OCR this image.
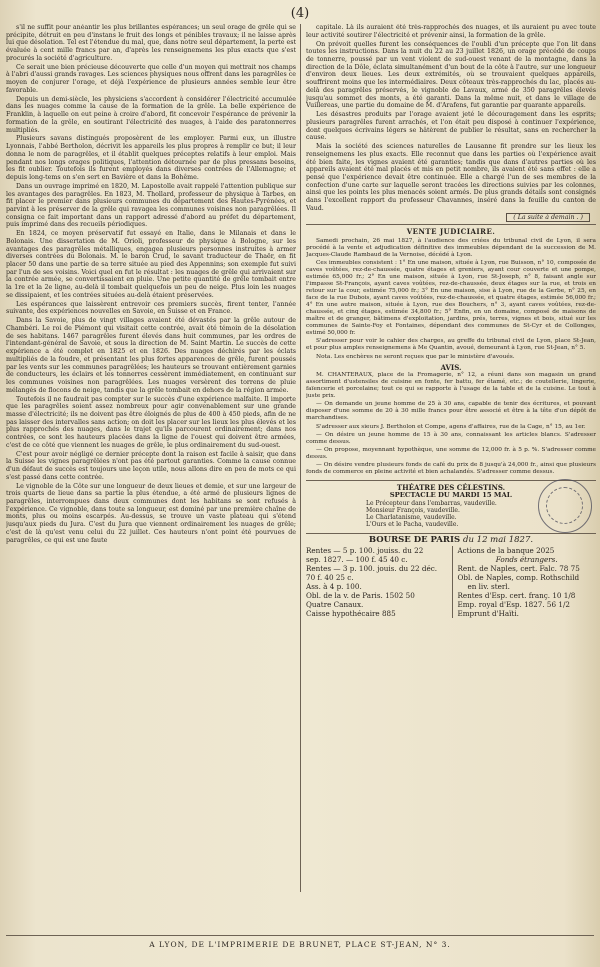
(4)

s'il ne suffit pour anéantir les plus brillantes espérances; un seul orage de grêle qui se précipite, détruit en peu d'instans le fruit des longs et pénibles travaux; il ne laisse après lui que désolation. Tel est l'étendue du mal, que, dans notre seul département, la perte est évaluée à cent mille francs par an, d'après les renseignemens les plus exacts que s'est procurés la société d'agriculture.

Ce serait une bien précieuse découverte que celle d'un moyen qui mettrait nos champs à l'abri d'aussi grands ravages. Les sciences physiques nous offrent dans les paragrêles ce moyen de conjurer l'orage, et déjà l'expérience de plusieurs années semble leur être favorable.

Depuis un demi-siècle, les physiciens s'accordent à considérer l'électricité accumulée dans les nuages comme la cause de la formation de la grêle. La belle expérience de Franklin, à laquelle on eut peine à croire d'abord, fit concevoir l'espérance de prévenir la formation de la grêle, en soutirant l'électricité des nuages, à l'aide des paratonnerres multipliés.

Plusieurs savans distingués proposèrent de les employer. Parmi eux, un illustre Lyonnais, l'abbé Bertholon, décrivit les appareils les plus propres à remplir ce but; il leur donna le nom de paragrêles, et il établit quelques préceptes relatifs à leur emploi. Mais pendant nos longs orages politiques, l'attention détournée par de plus pressans besoins, les fit oublier. Toutefois ils furent employés dans diverses contrées de l'Allemagne; et depuis long-tems on s'en sert en Bavière et dans la Bohême.

Dans un ouvrage imprimé en 1820, M. Lapostolle avait rappelé l'attention publique sur les avantages des paragrêles. En 1823, M. Thollard, professeur de physique à Tarbes, en fit placer le premier dans plusieurs communes du département des Hautes-Pyrénées, et parvint à les préserver de la grêle qui ravagea les communes voisines non paragrêlées. Il consigna ce fait important dans un rapport adressé d'abord au préfet du département, puis imprimé dans des recueils périodiques.

En 1824, ce moyen préservatif fut essayé en Italie, dans le Milanais et dans le Bolonais. Une dissertation de M. Orioli, professeur de physique à Bologne, sur les avantages des paragrêles métalliques, engagea plusieurs personnes instruites à armer diverses contrées du Bolonais. M. le baron Crud, le savant traducteur de Thaër, en fit placer 50 dans une partie de sa terre située au pied des Appennins; son exemple fut suivi par l'un de ses voisins. Voici quel en fut le résultat : les nuages de grêle qui arrivaient sur la contrée armée, se convertissaient en pluie. Une petite quantité de grêle tombait entre la 1re et la 2e ligne, au-delà il tombait quelquefois un peu de neige. Plus loin les nuages se dissipaient, et les contrées situées au-delà étaient préservées.

Les espérances que laissèrent entrevoir ces premiers succès, firent tenter, l'année suivante, des expériences nouvelles en Savoie, en Suisse et en France.

Dans la Savoie, plus de vingt villages avaient été dévastés par la grêle autour de Chambéri. Le roi de Piémont qui visitait cette contrée, avait été témoin de la désolation de ses habitans. 1467 paragrêles furent élevés dans huit communes, par les ordres de l'intendant-général de Savoie, et sous la direction de M. Saint Martin. Le succès de cette expérience a été complet en 1825 et en 1826. Des nuages déchirés par les éclats multipliés de la foudre, et présentant les plus fortes apparences de grêle, furent poussés par les vents sur les communes paragrêlées; les hauteurs se trouvant entièrement garnies de conducteurs, les éclairs et les tonnerres cessèrent immédiatement, en continuant sur les communes voisines non paragrêlées. Les nuages versèrent des torrens de pluie mélangés de flocons de neige, tandis que la grêle tombait en dehors de la région armée.

Toutefois il ne faudrait pas compter sur le succès d'une expérience malfaite. Il importe que les paragrêles soient assez nombreux pour agir convenablement sur une grande masse d'électricité; ils ne doivent pas être éloignés de plus de 400 à 450 pieds, afin de ne pas laisser des intervalles sans action; on doit les placer sur les lieux les plus élevés et les plus rapprochés des nuages, dans le trajet qu'ils parcourent ordinairement; dans nos contrées, ce sont les hauteurs placées dans la ligne de l'ouest qui doivent être armées, c'est de ce côté que viennent les nuages de grêle, le plus ordinairement du sud-ouest.

C'est pour avoir négligé ce dernier précepte dont la raison est facile à saisir, que dans la Suisse les vignes paragrêlées n'ont pas été partout garanties. Comme la cause connue d'un défaut de succès est toujours une leçon utile, nous allons dire en peu de mots ce qui s'est passé dans cette contrée.

Le vignoble de la Côte sur une longueur de deux lieues et demie, et sur une largeur de trois quarts de lieue dans sa partie la plus étendue, a été armé de plusieurs lignes de paragrêles, interrompues dans deux communes dont les habitans se sont refusés à l'expérience. Ce vignoble, dans toute sa longueur, est dominé par une première chaîne de monts, plus ou moins escarpés. Au-dessus, se trouve un vaste plateau qui s'étend jusqu'aux pieds du Jura. C'est du Jura que viennent ordinairement les nuages de grêle; c'est de là qu'est venu celui du 22 juillet. Ces hauteurs n'ont point été pourvues de paragrêles, ce qui est une faute

capitale. Là ils auraient été très-rapprochés des nuages, et ils auraient pu avec toute leur activité soutirer l'électricité et prévenir ainsi, la formation de la grêle.

On prévoit quelles furent les conséquences de l'oubli d'un précepte que l'on lit dans toutes les instructions. Dans la nuit du 22 au 23 juillet 1826, un orage précédé de coups de tonnerre, poussé par un vent violent de sud-ouest venant de la montagne, dans la direction de la Dôle, éclata simultanément d'un bout de la côte à l'autre, sur une longueur d'environ deux lieues. Les deux extrémités, où se trouvaient quelques appareils, souffrirent moins que les intermédiaires. Deux côteaux très-rapprochés du lac, placés au-delà des paragrêles préservés, le vignoble de Lavaux, armé de 350 paragrêles élevés jusqu'au sommet des monts, a été garanti. Dans la même nuit, et dans le village de Vuillereas, une partie du domaine de M. d'Arafens, fut garantie par quarante appareils.

Les désastres produits par l'orage avaient jeté le découragement dans les esprits; plusieurs paragrêles furent arrachés, et l'on était peu disposé à continuer l'expérience, dont quelques écrivains légers se hâtèrent de publier le résultat, sans en rechercher la cause.

Mais la société des sciences naturelles de Lausanne fit prendre sur les lieux les renseignemens les plus exacts. Elle reconnut que dans les parties où l'expérience avait été bien faite, les vignes avaient été garanties; tandis que dans d'autres parties où les appareils avaient été mal placés et mis en petit nombre, ils avaient été sans effet : elle a pensé que l'expérience devait être continuée. Elle a chargé l'un de ses membres de la confection d'une carte sur laquelle seront tracées les directions suivies par les colonnes, ainsi que les points les plus menacés soient armés. De plus grands détails sont consignés dans l'excellent rapport du professeur Chavannes, inséré dans la feuille du canton de Vaud.

( La suite à demain . )
VENTE JUDICIAIRE.

Samedi prochain, 26 mai 1827, à l'audience des criées du tribunal civil de Lyon, il sera procédé à la vente et adjudication définitive des immeubles dépendant de la succession de M. Jacques-Claude Rambaud de la Vernoise, décédé à Lyon.

Ces immeubles consistent : 1° En une maison, située à Lyon, rue Buisson, n° 10, composée de caves voûtées, rez-de-chaussée, quatre étages et greniers, ayant cour couverte et une pompe, estimée 65,000 fr.; 2° En une maison, située à Lyon, rue St-Joseph, n° 8, faisant angle sur l'impasse St-François, ayant caves voûtées, rez-de-chaussée, deux étages sur la rue, et trois en retour sur la cour, estimée 75,000 fr.; 3° En une maison, sise à Lyon, rue de la Gerbe, n° 25, en face de la rue Dubois, ayant caves voûtées, rez-de-chaussée, et quatre étages, estimée 56,000 fr.; 4° En une autre maison, située à Lyon, rue des Bouchers, n° 3, ayant caves voûtées, rez-de-chaussée, et cinq étages, estimée 34,800 fr.; 5° Enfin, en un domaine, composé de maisons de maître et de granger, bâtimens d'exploitation, jardins, prés, terres, vignes et bois, situé sur les communes de Sainte-Foy et Fontaines, dépendant des communes de St-Cyr et de Collonges, estimé 50,000 fr.

S'adresser pour voir le cahier des charges, au greffe du tribunal civil de Lyon, place St-Jean, et pour plus amples renseignemens à Me Quantin, avoué, demeurant à Lyon, rue St-Jean, n° 5.

Nota. Les enchères ne seront reçues que par le ministère d'avoués.

AVIS.

M. CHANTERAUX, place de la Fromagerie, n° 12, a réuni dans son magasin un grand assortiment d'ustensiles de cuisine en fonte, fer battu, fer étamé, etc.; de coutellerie, lingerie, faïencerie et porcelaine; tout ce qui se rapporte à l'usage de la table et de la cuisine. Le tout à juste prix.

— On demande un jeune homme de 25 à 30 ans, capable de tenir des écritures, et pouvant disposer d'une somme de 20 à 30 mille francs pour être associé et être à la tête d'un dépôt de marchandises.

S'adresser aux sieurs J. Bertholon et Compe, agens d'affaires, rue de la Cage, n° 15, au 1er.

— On désire un jeune homme de 15 à 30 ans, connaissant les articles blancs. S'adresser comme dessus.

— On propose, moyennant hypothèque, une somme de 12,000 fr. à 5 p. %. S'adresser comme dessus.

— On désire vendre plusieurs fonds de café du prix de 8 jusqu'à 24,000 fr., ainsi que plusieurs fonds de commerce en pleine activité et bien achalandés. S'adresser comme dessus.

THÉATRE DES CÉLESTINS.
SPECTACLE DU MARDI 15 MAI.
Le Précepteur dans l'embarras, vaudeville.
Monsieur François, vaudeville.
Le Charlatanisme, vaudeville.
L'Ours et le Pacha, vaudeville.
BOURSE DE PARIS du 12 mai 1827.
Rentes — 5 p. 100. jouiss. du 22
sep. 1827. — 100 f. 45 40 c.
Rentes — 3 p. 100. jouis. du 22 déc.
70 f. 40 25 c.
Ass. à 4 p. 100.
Obl. de la v. de Paris. 1502 50
Quatre Canaux.
Caisse hypothécaire 885
Actions de la banque 2025
Fonds étrangers.
Rent. de Naples, cert. Falc. 78 75
Obl. de Naples, comp. Rothschild
en liv. sterl.
Rentes d'Esp. cert. franç. 10 1/8
Emp. royal d'Esp. 1827. 56 1/2
Emprunt d'Haïti.
A LYON, DE L'IMPRIMERIE DE BRUNET, PLACE ST-JEAN, N° 3.
